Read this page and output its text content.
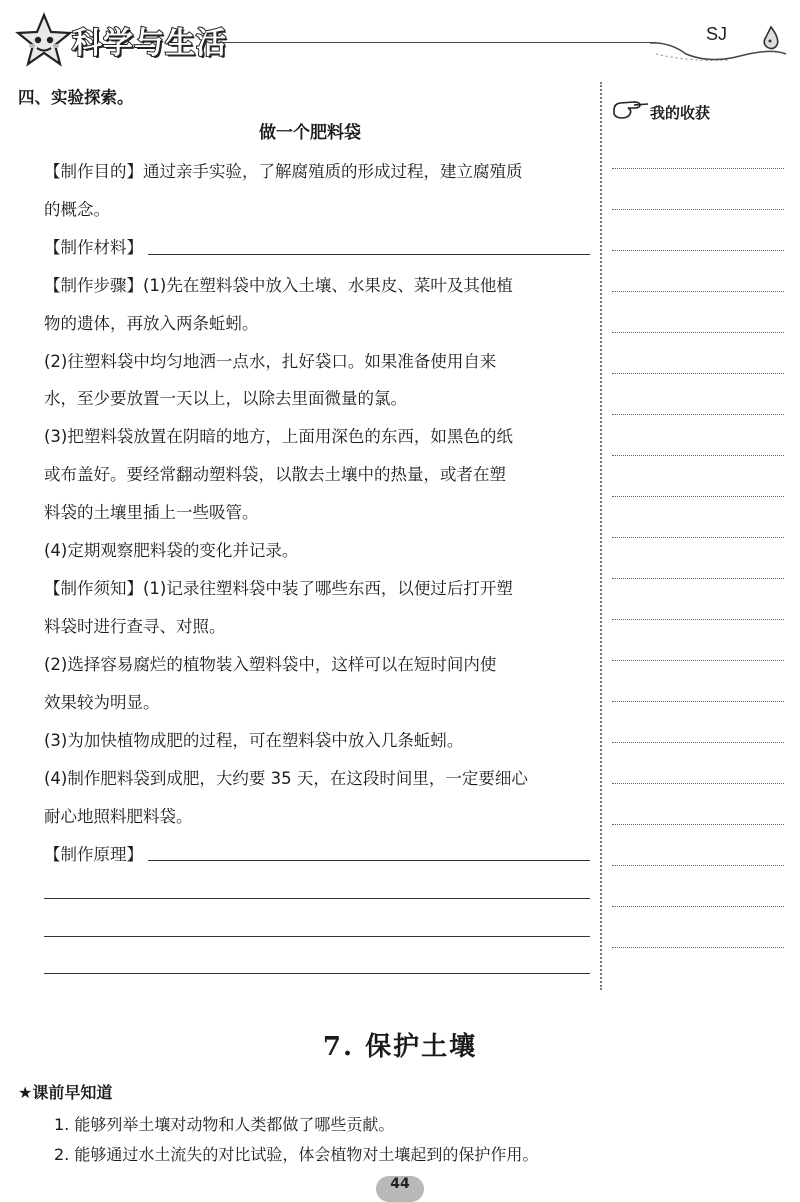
科学与生活	SJ
四、实验探索。
做一个肥料袋
【制作目的】通过亲手实验，了解腐殖质的形成过程，建立腐殖质
的概念。
【制作材料】
【制作步骤】(1)先在塑料袋中放入土壤、水果皮、菜叶及其他植
物的遗体，再放入两条蚯蚓。
(2)往塑料袋中均匀地洒一点水，扎好袋口。如果准备使用自来
水，至少要放置一天以上，以除去里面微量的氯。
(3)把塑料袋放置在阴暗的地方，上面用深色的东西，如黑色的纸
或布盖好。要经常翻动塑料袋，以散去土壤中的热量，或者在塑
料袋的土壤里插上一些吸管。
(4)定期观察肥料袋的变化并记录。
【制作须知】(1)记录往塑料袋中装了哪些东西，以便过后打开塑
料袋时进行查寻、对照。
(2)选择容易腐烂的植物装入塑料袋中，这样可以在短时间内使
效果较为明显。
(3)为加快植物成肥的过程，可在塑料袋中放入几条蚯蚓。
(4)制作肥料袋到成肥，大约要 35 天，在这段时间里，一定要细心
耐心地照料肥料袋。
【制作原理】
我的收获
7. 保护土壤
★课前早知道
1. 能够列举土壤对动物和人类都做了哪些贡献。
2. 能够通过水土流失的对比试验，体会植物对土壤起到的保护作用。
44
